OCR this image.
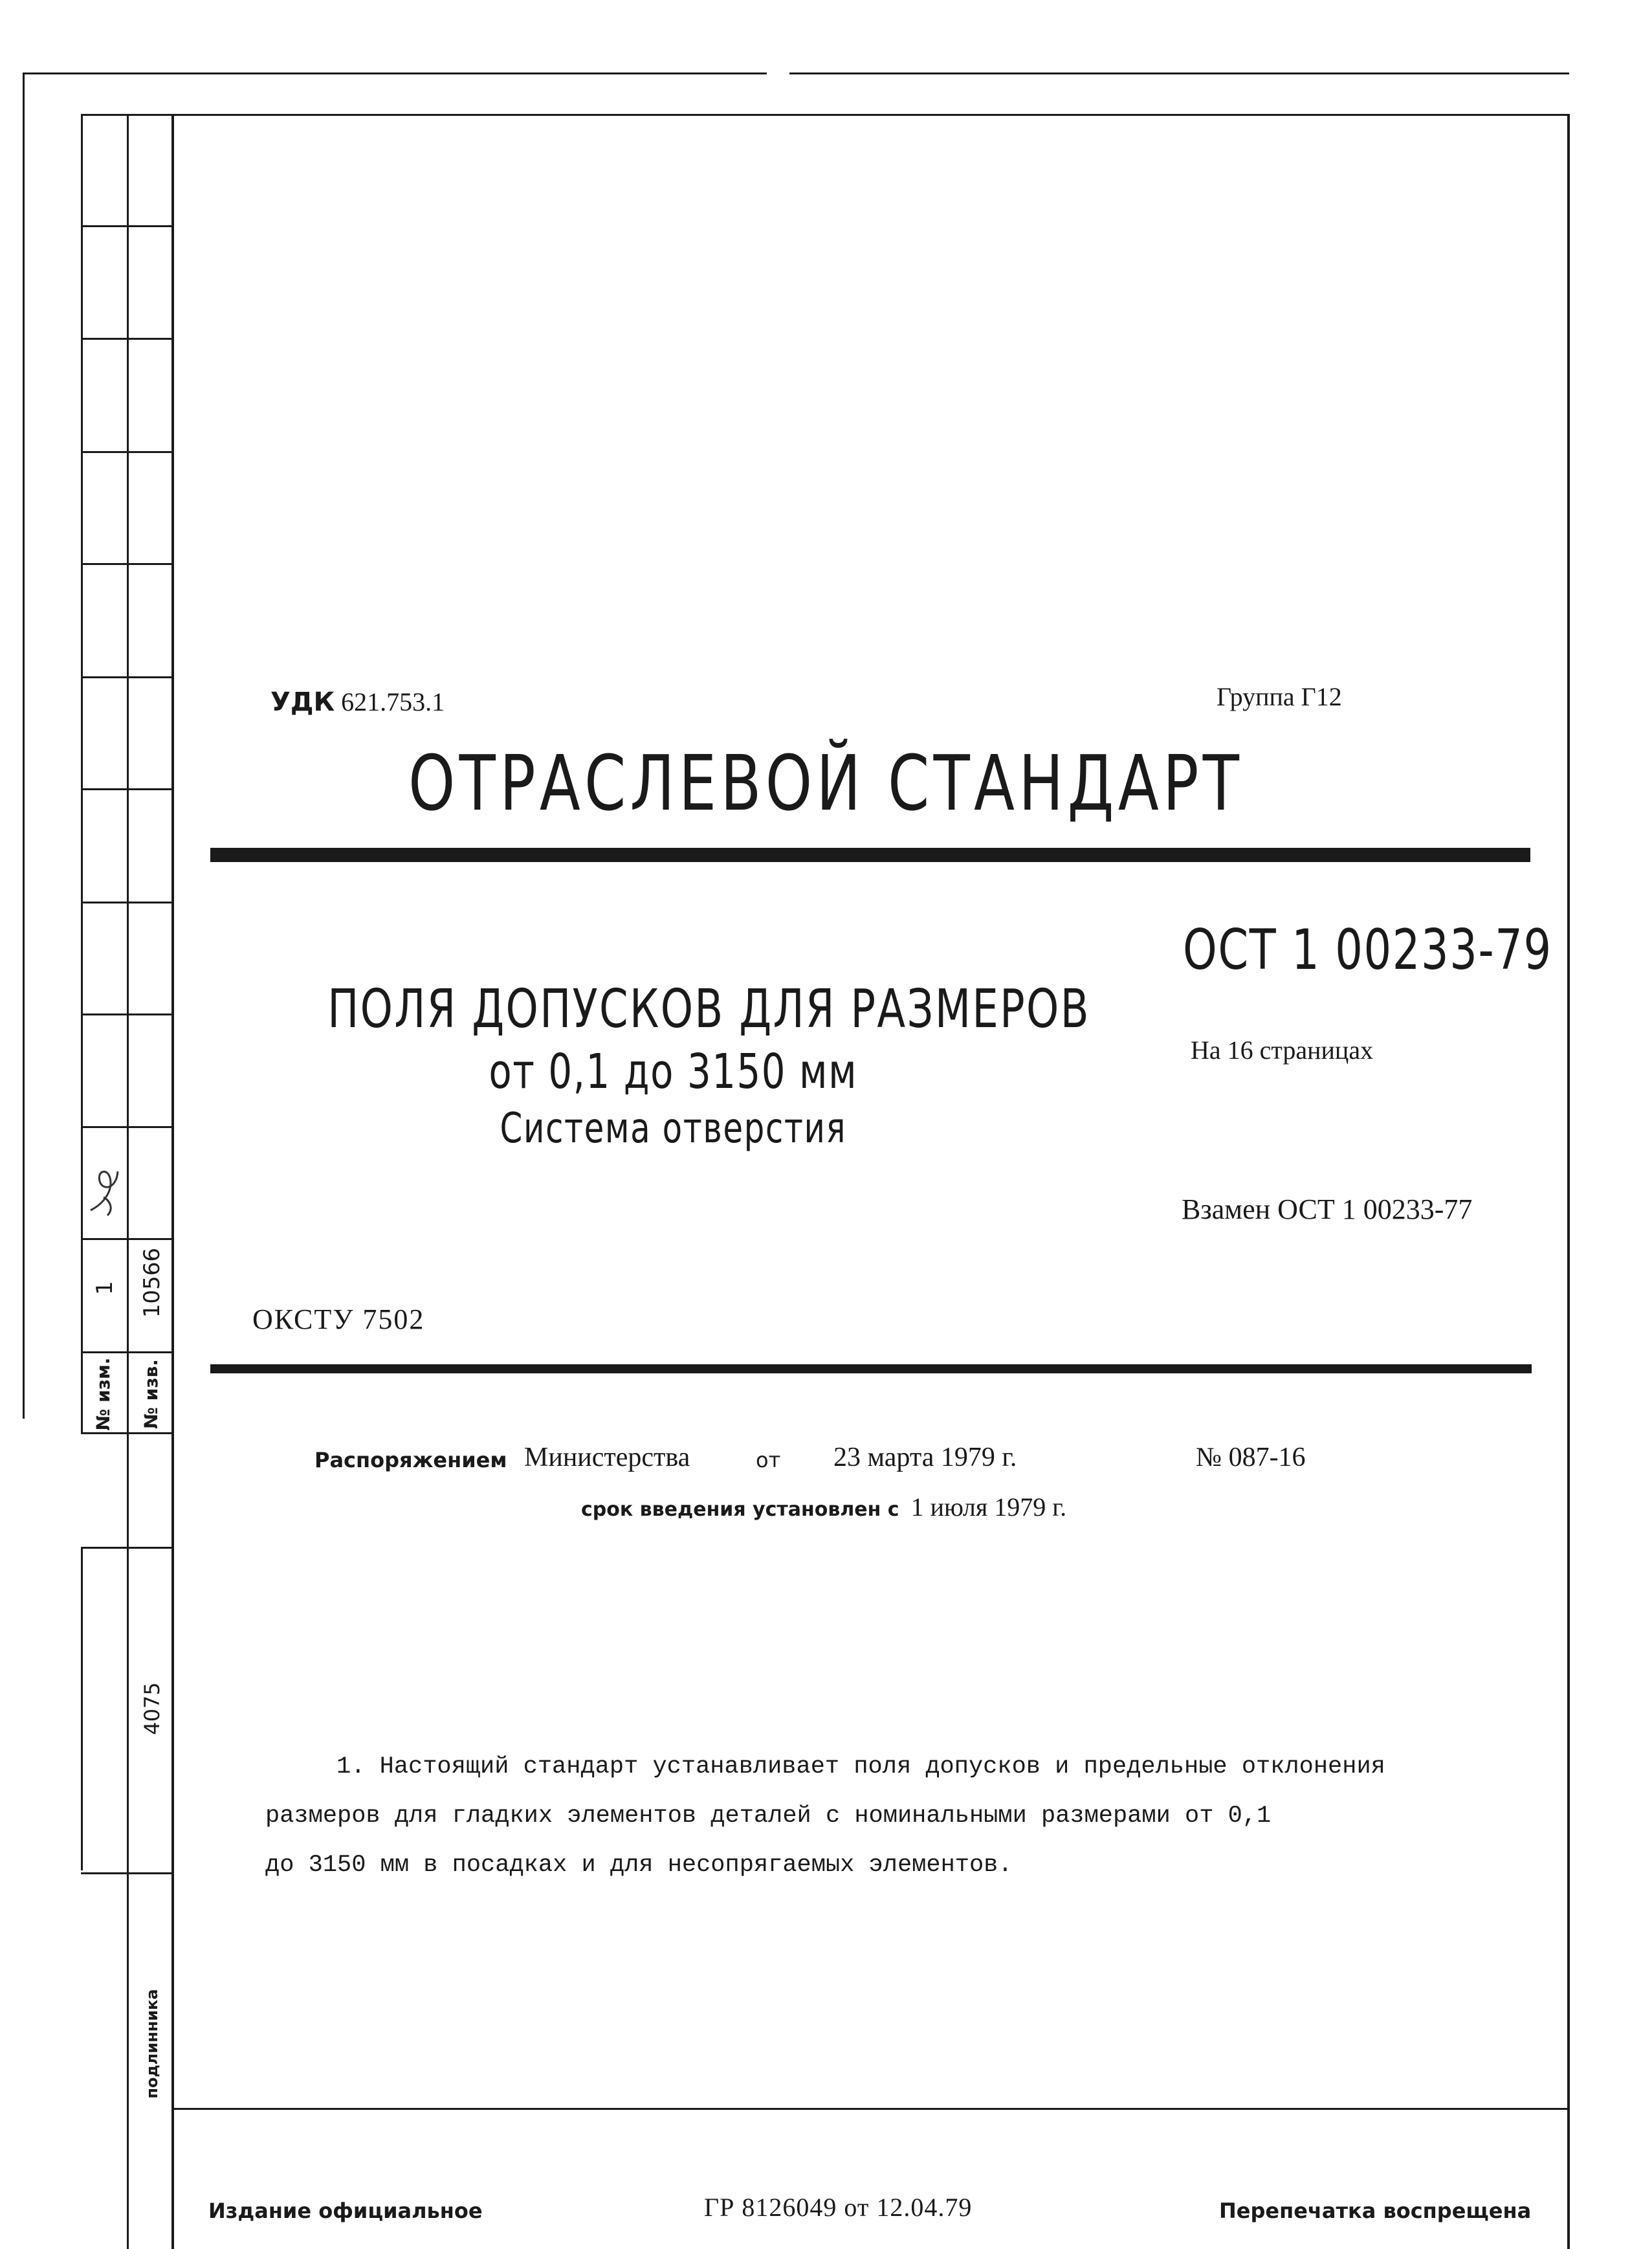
№ изм. № изв.
1 10566
4075
подлинника
УДК 621.753.1	Группа Г12
ОТРАСЛЕВОЙ СТАНДАРТ
ПОЛЯ ДОПУСКОВ ДЛЯ РАЗМЕРОВ
от 0,1 до 3150 мм
Система отверстия
ОСТ 1 00233-79
На 16 страницах
Взамен ОСТ 1 00233-77
ОКСТУ 7502
Распоряжением Министерства	от 23 марта 1979 г.	№ 087-16
срок введения установлен с 1 июля 1979 г.
1. Настоящий стандарт устанавливает поля допусков и предельные отклонения
размеров для гладких элементов деталей с номинальными размерами от 0,1
до 3150 мм в посадках и для несопрягаемых элементов.
Издание официальное	ГР 8126049 от 12.04.79	Перепечатка воспрещена
